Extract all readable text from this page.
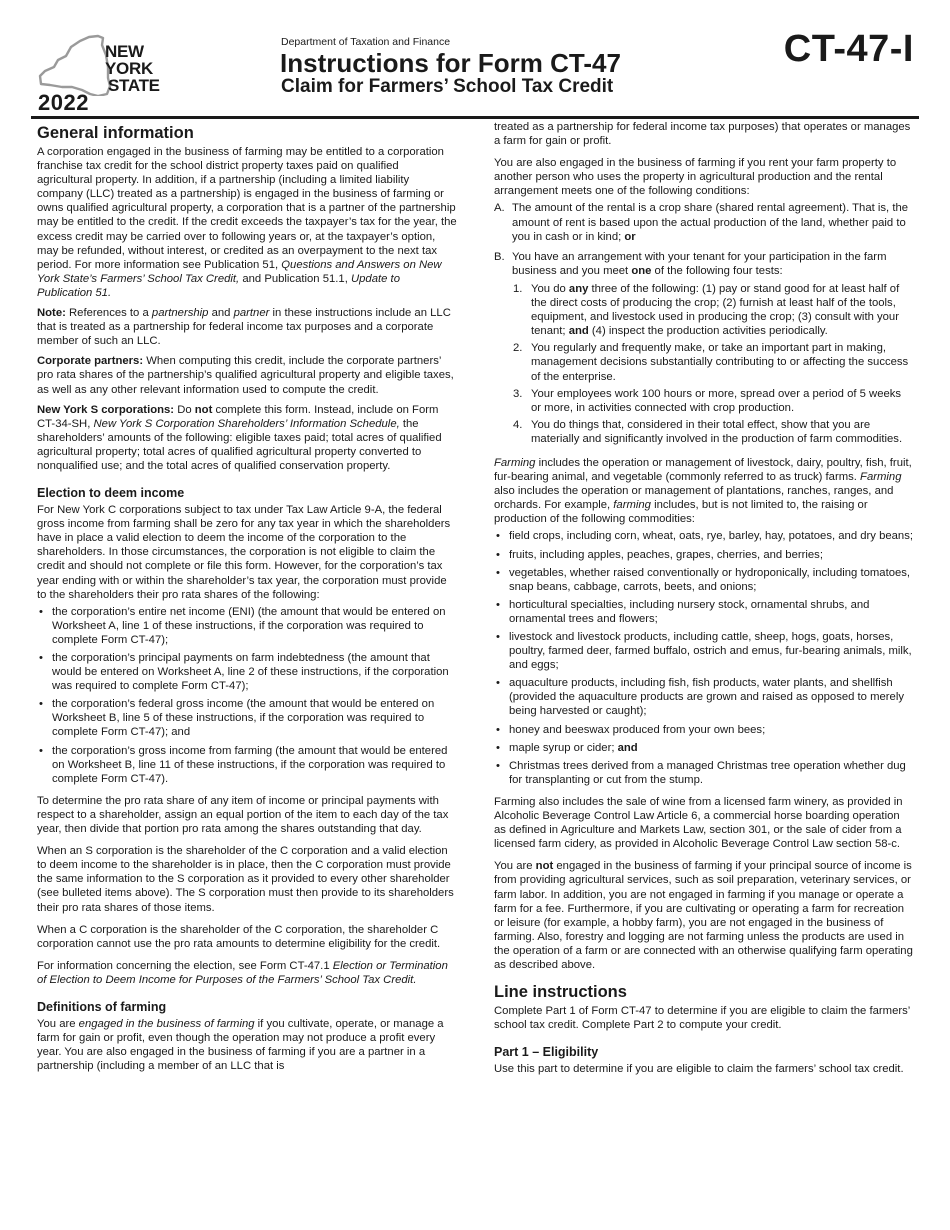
NEW
YORK
STATE
2022
Department of Taxation and Finance
Instructions for Form CT-47
Claim for Farmers’ School Tax Credit
CT-47-I
General information

A corporation engaged in the business of farming may be entitled to a corporation franchise tax credit for the school district property taxes paid on qualified agricultural property. In addition, if a partnership (including a limited liability company (LLC) treated as a partnership) is engaged in the business of farming or owns qualified agricultural property, a corporation that is a partner of the partnership may be entitled to the credit. If the credit exceeds the taxpayer’s tax for the year, the excess credit may be carried over to following years or, at the taxpayer’s option, may be refunded, without interest, or credited as an overpayment to the next tax period. For more information see Publication 51, Questions and Answers on New York State’s Farmers’ School Tax Credit, and Publication 51.1, Update to Publication 51.

Note: References to a partnership and partner in these instructions include an LLC that is treated as a partnership for federal income tax purposes and a corporate member of such an LLC.

Corporate partners: When computing this credit, include the corporate partners’ pro rata shares of the partnership’s qualified agricultural property and eligible taxes, as well as any other relevant information used to compute the credit.

New York S corporations: Do not complete this form. Instead, include on Form CT-34-SH, New York S Corporation Shareholders’ Information Schedule, the shareholders’ amounts of the following: eligible taxes paid; total acres of qualified agricultural property; total acres of qualified agricultural property converted to nonqualified use; and the total acres of qualified conservation property.

Election to deem income

For New York C corporations subject to tax under Tax Law Article 9-A, the federal gross income from farming shall be zero for any tax year in which the shareholders have in place a valid election to deem the income of the corporation to the shareholders. In those circumstances, the corporation is not eligible to claim the credit and should not complete or file this form. However, for the corporation’s tax year ending with or within the shareholder’s tax year, the corporation must provide to the shareholders their pro rata shares of the following:

• the corporation’s entire net income (ENI) (the amount that would be entered on Worksheet A, line 1 of these instructions, if the corporation was required to complete Form CT-47);
• the corporation’s principal payments on farm indebtedness (the amount that would be entered on Worksheet A, line 2 of these instructions, if the corporation was required to complete Form CT-47);
• the corporation’s federal gross income (the amount that would be entered on Worksheet B, line 5 of these instructions, if the corporation was required to complete Form CT-47); and
• the corporation’s gross income from farming (the amount that would be entered on Worksheet B, line 11 of these instructions, if the corporation was required to complete Form CT-47).

To determine the pro rata share of any item of income or principal payments with respect to a shareholder, assign an equal portion of the item to each day of the tax year, then divide that portion pro rata among the shares outstanding that day.

When an S corporation is the shareholder of the C corporation and a valid election to deem income to the shareholder is in place, then the C corporation must provide the same information to the S corporation as it provided to every other shareholder (see bulleted items above). The S corporation must then provide to its shareholders their pro rata shares of those items.

When a C corporation is the shareholder of the C corporation, the shareholder C corporation cannot use the pro rata amounts to determine eligibility for the credit.

For information concerning the election, see Form CT-47.1 Election or Termination of Election to Deem Income for Purposes of the Farmers’ School Tax Credit.

Definitions of farming

You are engaged in the business of farming if you cultivate, operate, or manage a farm for gain or profit, even though the operation may not produce a profit every year. You are also engaged in the business of farming if you are a partner in a partnership (including a member of an LLC that is

treated as a partnership for federal income tax purposes) that operates or manages a farm for gain or profit.

You are also engaged in the business of farming if you rent your farm property to another person who uses the property in agricultural production and the rental arrangement meets one of the following conditions:

A. The amount of the rental is a crop share (shared rental agreement). That is, the amount of rent is based upon the actual production of the land, whether paid to you in cash or in kind; or
B. You have an arrangement with your tenant for your participation in the farm business and you meet one of the following four tests:
1. You do any three of the following: (1) pay or stand good for at least half of the direct costs of producing the crop; (2) furnish at least half of the tools, equipment, and livestock used in producing the crop; (3) consult with your tenant; and (4) inspect the production activities periodically.
2. You regularly and frequently make, or take an important part in making, management decisions substantially contributing to or affecting the success of the enterprise.
3. Your employees work 100 hours or more, spread over a period of 5 weeks or more, in activities connected with crop production.
4. You do things that, considered in their total effect, show that you are materially and significantly involved in the production of farm commodities.

Farming includes the operation or management of livestock, dairy, poultry, fish, fruit, fur-bearing animal, and vegetable (commonly referred to as truck) farms. Farming also includes the operation or management of plantations, ranches, ranges, and orchards. For example, farming includes, but is not limited to, the raising or production of the following commodities:

• field crops, including corn, wheat, oats, rye, barley, hay, potatoes, and dry beans;
• fruits, including apples, peaches, grapes, cherries, and berries;
• vegetables, whether raised conventionally or hydroponically, including tomatoes, snap beans, cabbage, carrots, beets, and onions;
• horticultural specialties, including nursery stock, ornamental shrubs, and ornamental trees and flowers;
• livestock and livestock products, including cattle, sheep, hogs, goats, horses, poultry, farmed deer, farmed buffalo, ostrich and emus, fur-bearing animals, milk, and eggs;
• aquaculture products, including fish, fish products, water plants, and shellfish (provided the aquaculture products are grown and raised as opposed to merely being harvested or caught);
• honey and beeswax produced from your own bees;
• maple syrup or cider; and
• Christmas trees derived from a managed Christmas tree operation whether dug for transplanting or cut from the stump.

Farming also includes the sale of wine from a licensed farm winery, as provided in Alcoholic Beverage Control Law Article 6, a commercial horse boarding operation as defined in Agriculture and Markets Law, section 301, or the sale of cider from a licensed farm cidery, as provided in Alcoholic Beverage Control Law section 58-c.

You are not engaged in the business of farming if your principal source of income is from providing agricultural services, such as soil preparation, veterinary services, or farm labor. In addition, you are not engaged in farming if you manage or operate a farm for a fee. Furthermore, if you are cultivating or operating a farm for recreation or leisure (for example, a hobby farm), you are not engaged in the business of farming. Also, forestry and logging are not farming unless the products are used in the operation of a farm or are connected with an otherwise qualifying farm operating as described above.

Line instructions

Complete Part 1 of Form CT-47 to determine if you are eligible to claim the farmers’ school tax credit. Complete Part 2 to compute your credit.

Part 1 – Eligibility

Use this part to determine if you are eligible to claim the farmers’ school tax credit.
